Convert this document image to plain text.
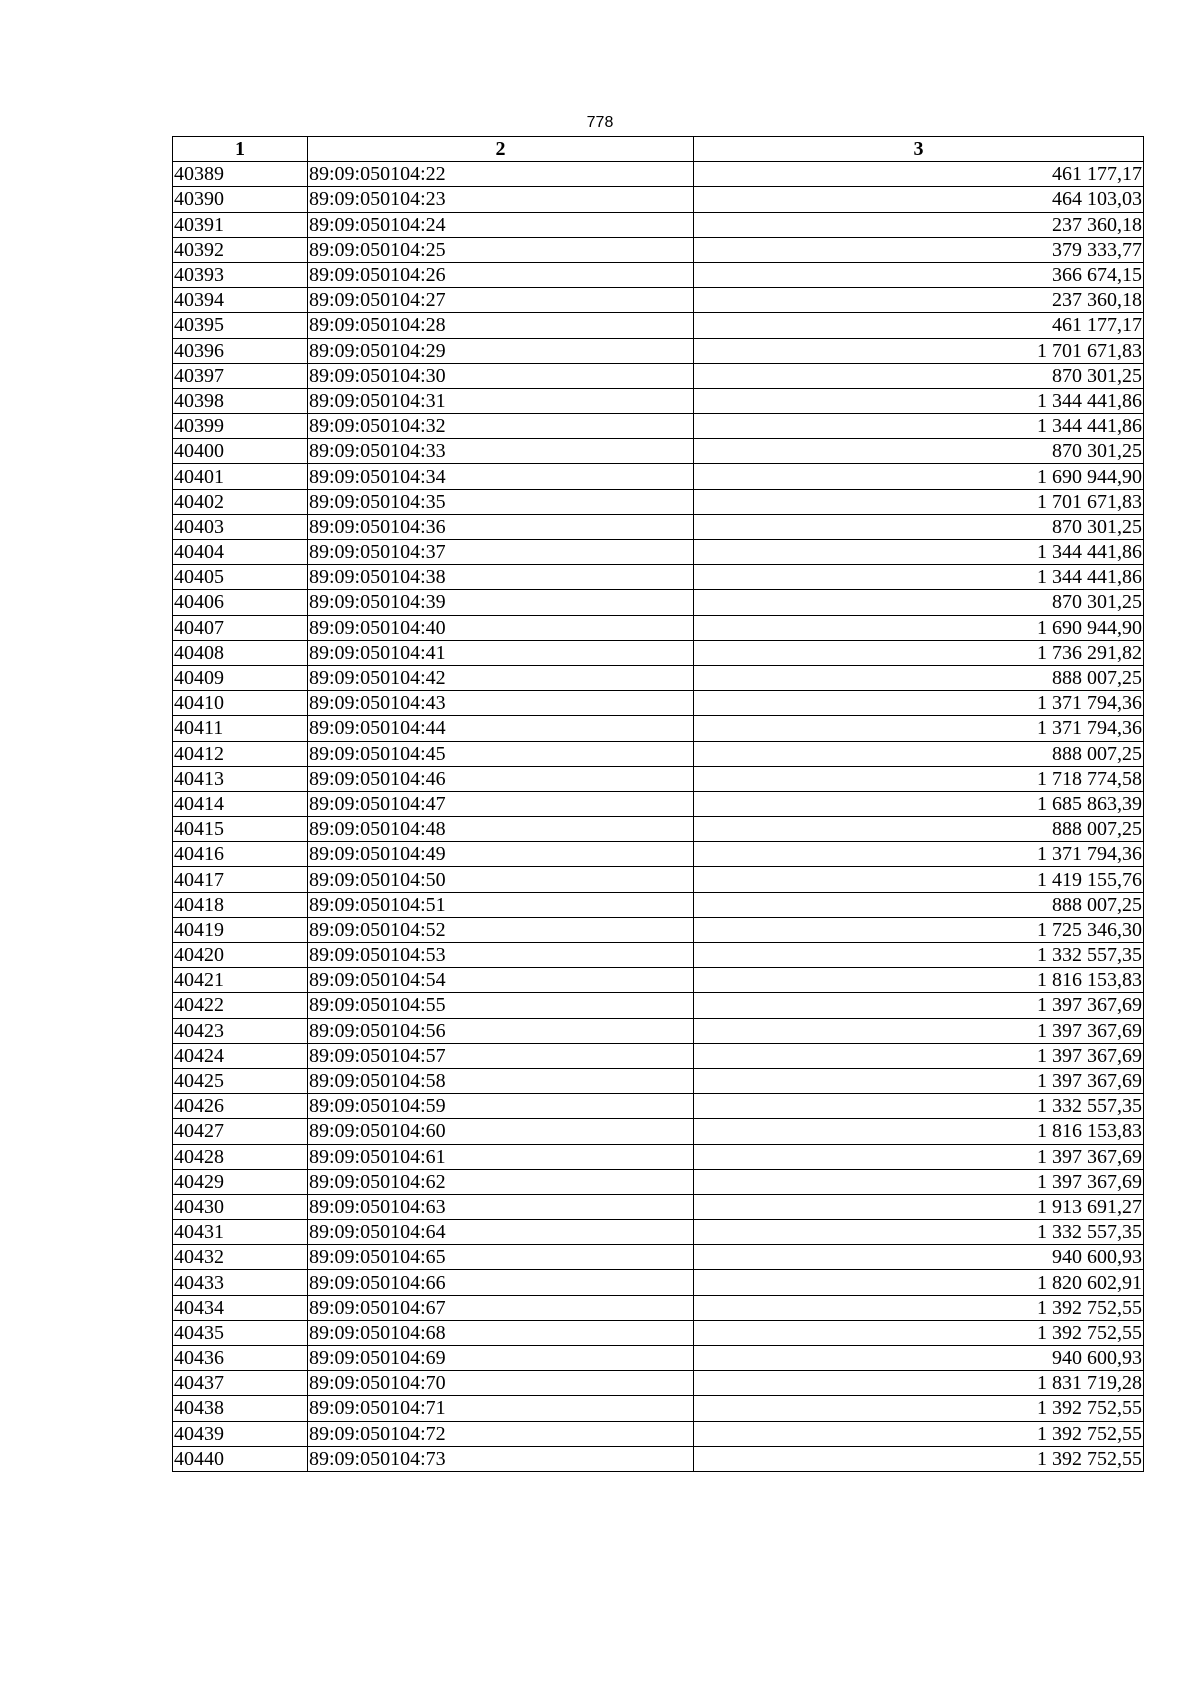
778
1	2	3
40389	89:09:050104:22	461 177,17
40390	89:09:050104:23	464 103,03
40391	89:09:050104:24	237 360,18
40392	89:09:050104:25	379 333,77
40393	89:09:050104:26	366 674,15
40394	89:09:050104:27	237 360,18
40395	89:09:050104:28	461 177,17
40396	89:09:050104:29	1 701 671,83
40397	89:09:050104:30	870 301,25
40398	89:09:050104:31	1 344 441,86
40399	89:09:050104:32	1 344 441,86
40400	89:09:050104:33	870 301,25
40401	89:09:050104:34	1 690 944,90
40402	89:09:050104:35	1 701 671,83
40403	89:09:050104:36	870 301,25
40404	89:09:050104:37	1 344 441,86
40405	89:09:050104:38	1 344 441,86
40406	89:09:050104:39	870 301,25
40407	89:09:050104:40	1 690 944,90
40408	89:09:050104:41	1 736 291,82
40409	89:09:050104:42	888 007,25
40410	89:09:050104:43	1 371 794,36
40411	89:09:050104:44	1 371 794,36
40412	89:09:050104:45	888 007,25
40413	89:09:050104:46	1 718 774,58
40414	89:09:050104:47	1 685 863,39
40415	89:09:050104:48	888 007,25
40416	89:09:050104:49	1 371 794,36
40417	89:09:050104:50	1 419 155,76
40418	89:09:050104:51	888 007,25
40419	89:09:050104:52	1 725 346,30
40420	89:09:050104:53	1 332 557,35
40421	89:09:050104:54	1 816 153,83
40422	89:09:050104:55	1 397 367,69
40423	89:09:050104:56	1 397 367,69
40424	89:09:050104:57	1 397 367,69
40425	89:09:050104:58	1 397 367,69
40426	89:09:050104:59	1 332 557,35
40427	89:09:050104:60	1 816 153,83
40428	89:09:050104:61	1 397 367,69
40429	89:09:050104:62	1 397 367,69
40430	89:09:050104:63	1 913 691,27
40431	89:09:050104:64	1 332 557,35
40432	89:09:050104:65	940 600,93
40433	89:09:050104:66	1 820 602,91
40434	89:09:050104:67	1 392 752,55
40435	89:09:050104:68	1 392 752,55
40436	89:09:050104:69	940 600,93
40437	89:09:050104:70	1 831 719,28
40438	89:09:050104:71	1 392 752,55
40439	89:09:050104:72	1 392 752,55
40440	89:09:050104:73	1 392 752,55
